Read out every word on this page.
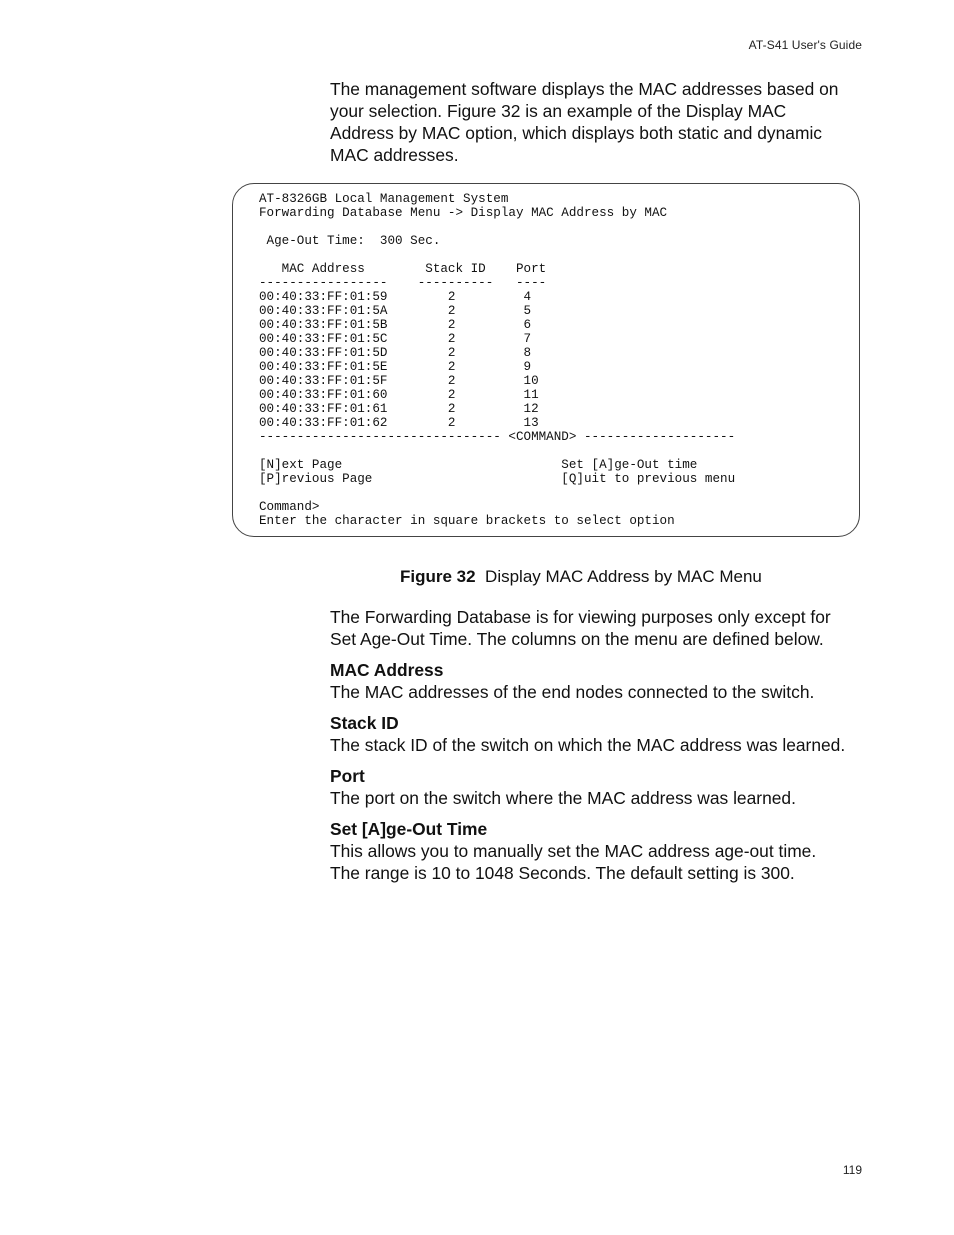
AT-S41 User's Guide

The management software displays the MAC addresses based on your selection. Figure 32 is an example of the Display MAC Address by MAC option, which displays both static and dynamic MAC addresses.

AT-8326GB Local Management System
Forwarding Database Menu -> Display MAC Address by MAC

Age-Out Time:  300 Sec.

MAC Address        Stack ID    Port
-----------------    ----------   ----
00:40:33:FF:01:59        2         4
00:40:33:FF:01:5A        2         5
00:40:33:FF:01:5B        2         6
00:40:33:FF:01:5C        2         7
00:40:33:FF:01:5D        2         8
00:40:33:FF:01:5E        2         9
00:40:33:FF:01:5F        2         10
00:40:33:FF:01:60        2         11
00:40:33:FF:01:61        2         12
00:40:33:FF:01:62        2         13
-------------------------------- <COMMAND> --------------------

[N]ext Page                             Set [A]ge-Out time
[P]revious Page                         [Q]uit to previous menu

Command>
Enter the character in square brackets to select option

Figure 32 Display MAC Address by MAC Menu

The Forwarding Database is for viewing purposes only except for Set Age-Out Time. The columns on the menu are defined below.

MAC Address

The MAC addresses of the end nodes connected to the switch.

Stack ID

The stack ID of the switch on which the MAC address was learned.

Port

The port on the switch where the MAC address was learned.

Set [A]ge-Out Time

This allows you to manually set the MAC address age-out time. The range is 10 to 1048 Seconds. The default setting is 300.

119
